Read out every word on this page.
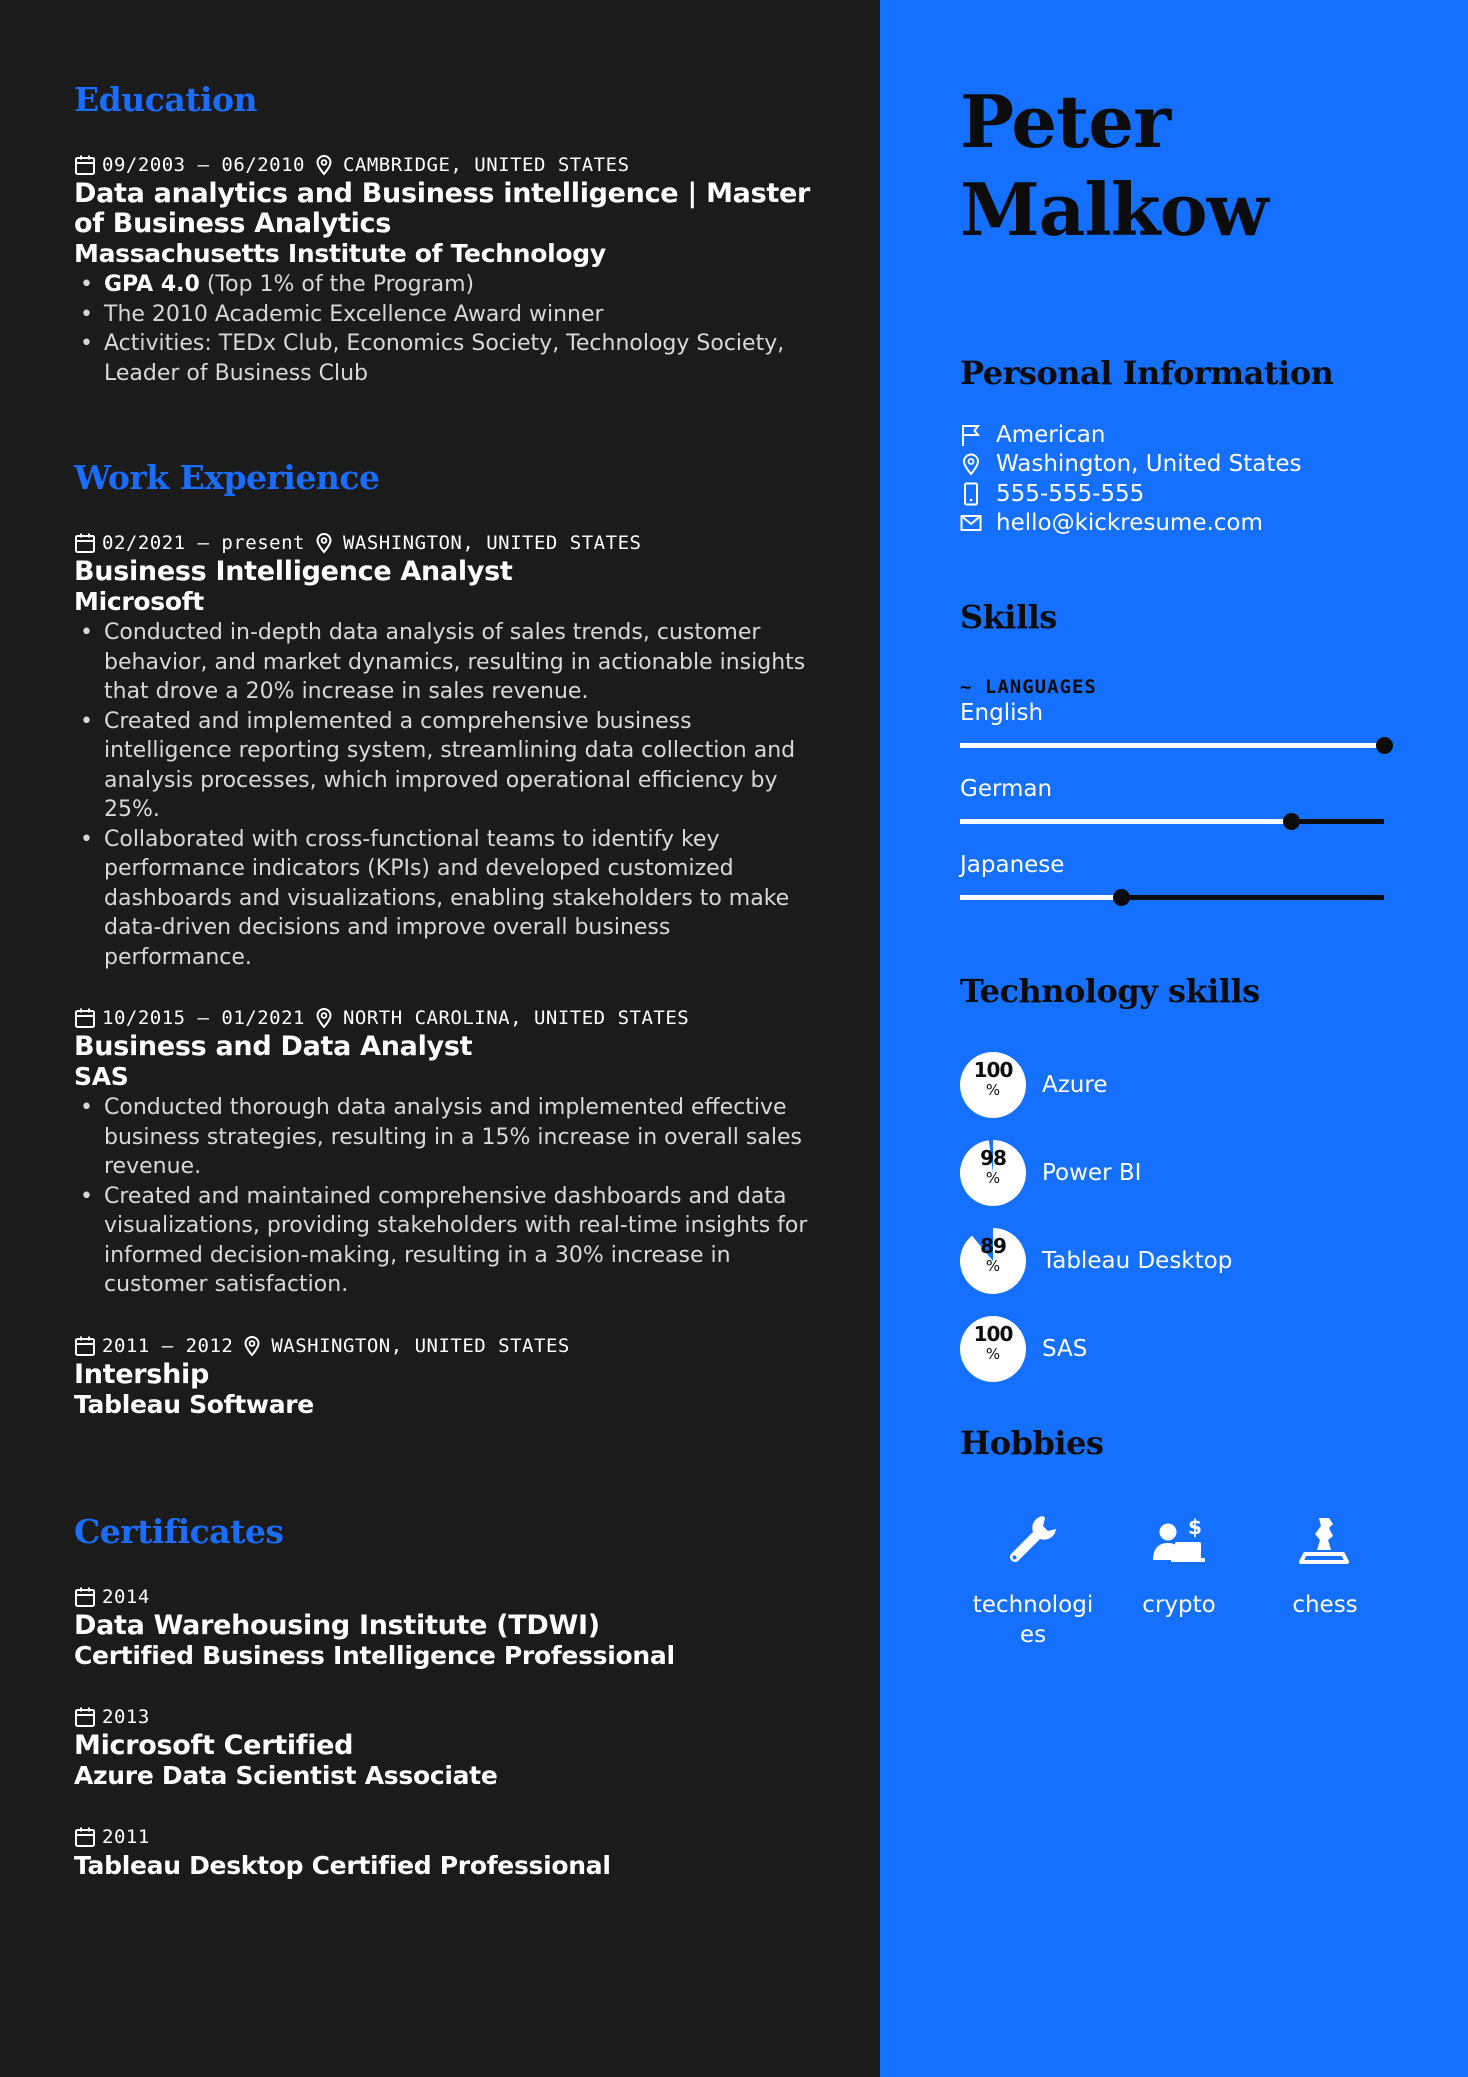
Education
09/2003 – 06/2010 CAMBRIDGE, UNITED STATES
Data analytics and Business intelligence | Master of Business Analytics
Massachusetts Institute of Technology
• GPA 4.0 (Top 1% of the Program)
• The 2010 Academic Excellence Award winner
• Activities: TEDx Club, Economics Society, Technology Society, Leader of Business Club
Work Experience
02/2021 – present WASHINGTON, UNITED STATES
Business Intelligence Analyst
Microsoft
• Conducted in-depth data analysis of sales trends, customer behavior, and market dynamics, resulting in actionable insights that drove a 20% increase in sales revenue.
• Created and implemented a comprehensive business intelligence reporting system, streamlining data collection and analysis processes, which improved operational efficiency by 25%.
• Collaborated with cross-functional teams to identify key performance indicators (KPIs) and developed customized dashboards and visualizations, enabling stakeholders to make data-driven decisions and improve overall business performance.
10/2015 – 01/2021 NORTH CAROLINA, UNITED STATES
Business and Data Analyst
SAS
• Conducted thorough data analysis and implemented effective business strategies, resulting in a 15% increase in overall sales revenue.
• Created and maintained comprehensive dashboards and data visualizations, providing stakeholders with real-time insights for informed decision-making, resulting in a 30% increase in customer satisfaction.
2011 – 2012 WASHINGTON, UNITED STATES
Intership
Tableau Software
Certificates
2014
Data Warehousing Institute (TDWI)
Certified Business Intelligence Professional
2013
Microsoft Certified
Azure Data Scientist Associate
2011
Tableau Desktop Certified Professional
Peter
Malkow
Personal Information
American
Washington, United States
555-555-555
hello@kickresume.com
Skills
~ LANGUAGES
English
German
Japanese
Technology skills
100
%	Azure
98
%	Power BI
89
%	Tableau Desktop
100
%	SAS
Hobbies
technologies
$
crypto	chess
